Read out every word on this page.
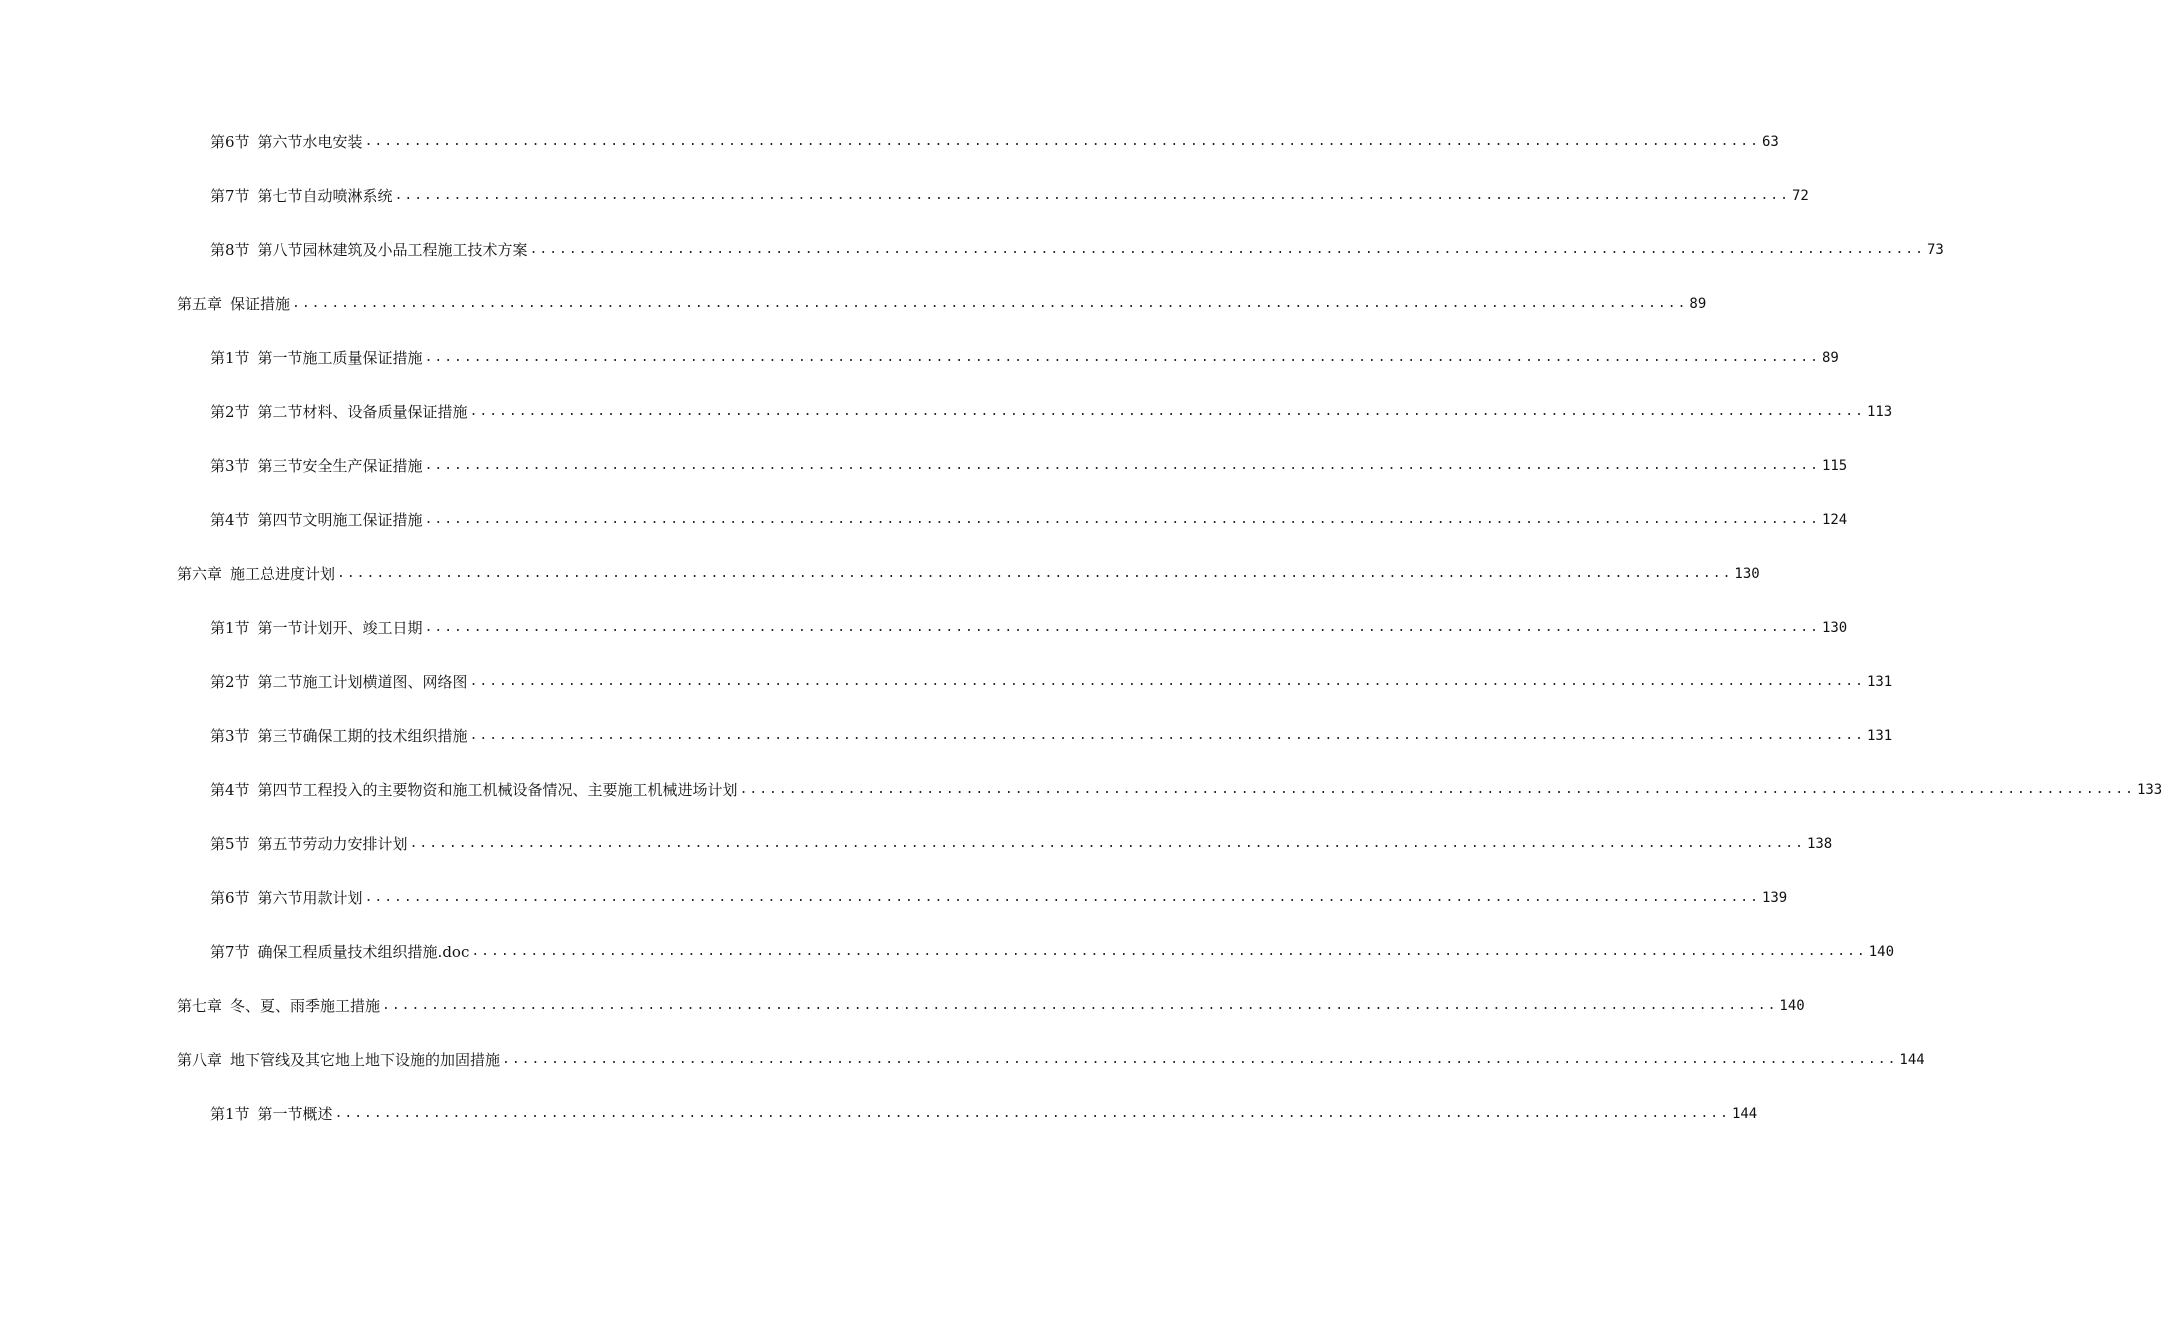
第6节 第六节水电安装 .............................................................................................................................................. 63
第7节 第七节自动喷淋系统 .............................................................................................................................................. 72
第8节 第八节园林建筑及小品工程施工技术方案 .............................................................................................................................................. 73
第五章 保证措施 .............................................................................................................................................. 89
第1节 第一节施工质量保证措施 .............................................................................................................................................. 89
第2节 第二节材料、设备质量保证措施 .............................................................................................................................................. 113
第3节 第三节安全生产保证措施 .............................................................................................................................................. 115
第4节 第四节文明施工保证措施 .............................................................................................................................................. 124
第六章 施工总进度计划 .............................................................................................................................................. 130
第1节 第一节计划开、竣工日期 .............................................................................................................................................. 130
第2节 第二节施工计划横道图、网络图 .............................................................................................................................................. 131
第3节 第三节确保工期的技术组织措施 .............................................................................................................................................. 131
第4节 第四节工程投入的主要物资和施工机械设备情况、主要施工机械进场计划 .............................................................................................................................................. 133
第5节 第五节劳动力安排计划 .............................................................................................................................................. 138
第6节 第六节用款计划 .............................................................................................................................................. 139
第7节 确保工程质量技术组织措施.doc .............................................................................................................................................. 140
第七章 冬、夏、雨季施工措施 .............................................................................................................................................. 140
第八章 地下管线及其它地上地下设施的加固措施 .............................................................................................................................................. 144
第1节 第一节概述 .............................................................................................................................................. 144
